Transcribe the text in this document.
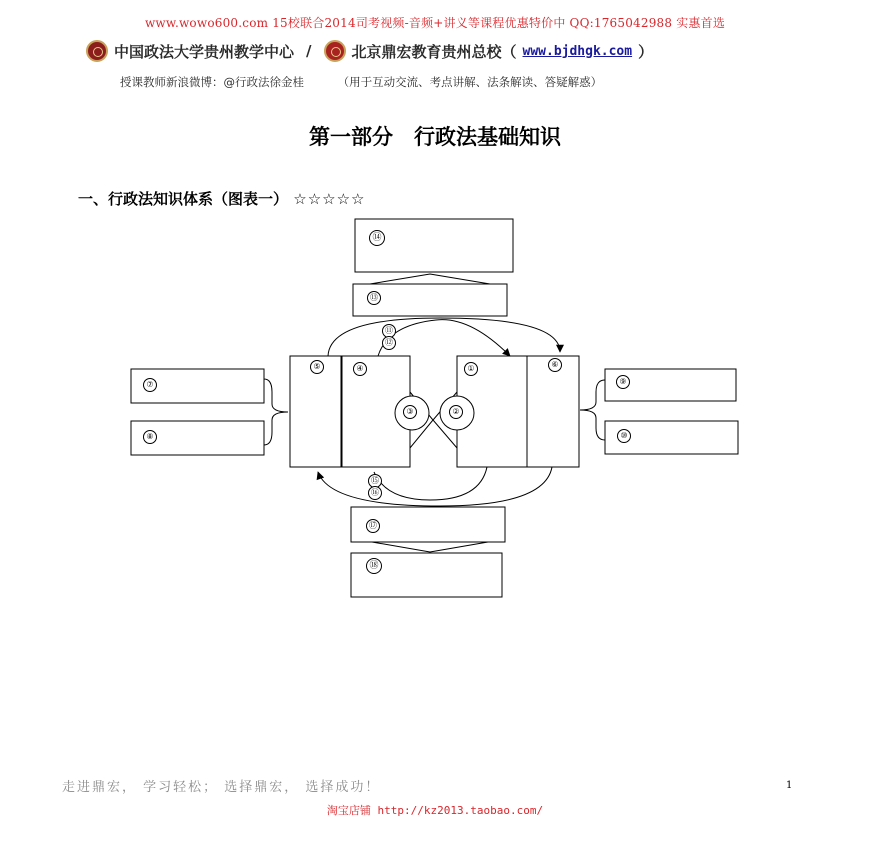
www.wowo600.com 15校联合2014司考视频-音频+讲义等课程优惠特价中 QQ:1765042988 实惠首选
中国政法大学贵州教学中心 /	北京鼎宏教育贵州总校（ www.bjdhgk.com ）
授课教师新浪微博：@行政法徐金桂	（用于互动交流、考点讲解、法条解读、答疑解惑）
第一部分　行政法基础知识
一、行政法知识体系（图表一） ☆☆☆☆☆
⑭
⑬
⑪
⑫
⑤	④	①	⑥
③	②
⑦
⑧
⑨
⑩
⑮
⑯
⑰
⑱
走进鼎宏， 学习轻松； 选择鼎宏， 选择成功！	1
淘宝店铺 http://kz2013.taobao.com/
